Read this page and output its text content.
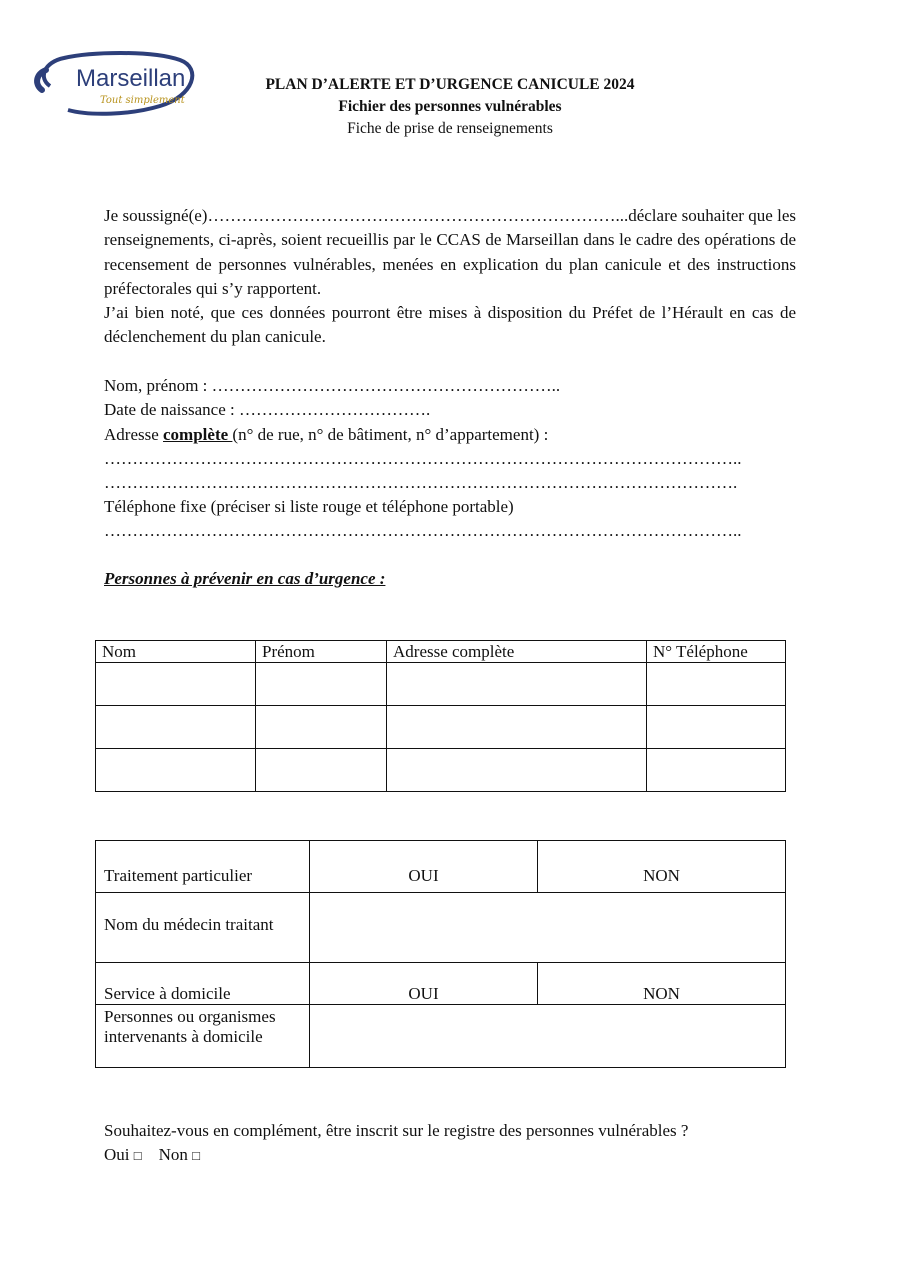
Marseillan
Tout simplement
PLAN D’ALERTE ET D’URGENCE CANICULE 2024
Fichier des personnes vulnérables
Fiche de prise de renseignements

Je soussigné(e)………………………………………………………………...déclare souhaiter que les renseignements, ci-après, soient recueillis par le CCAS de Marseillan dans le cadre des opérations de recensement de personnes vulnérables, menées en explication du plan canicule et des instructions préfectorales qui s’y rapportent.

J’ai bien noté, que ces données pourront être mises à disposition du Préfet de l’Hérault en cas de déclenchement du plan canicule.

Nom, prénom : ……………………………………………………..
Date de naissance : …………………………….
Adresse complète (n° de rue, n° de bâtiment, n° d’appartement) :
…………………………………………………………………………………………………..
………………………………………………………………………………………………….
Téléphone fixe (préciser si liste rouge et téléphone portable)
…………………………………………………………………………………………………..
Personnes à prévenir en cas d’urgence :
Nom	Prénom	Adresse complète	N° Téléphone

Traitement particulier	OUI	NON
Nom du médecin traitant		
Service à domicile	OUI	NON
Personnes ou organismes intervenants à domicile		
Souhaitez-vous en complément, être inscrit sur le registre des personnes vulnérables ?
Oui □ Non □
